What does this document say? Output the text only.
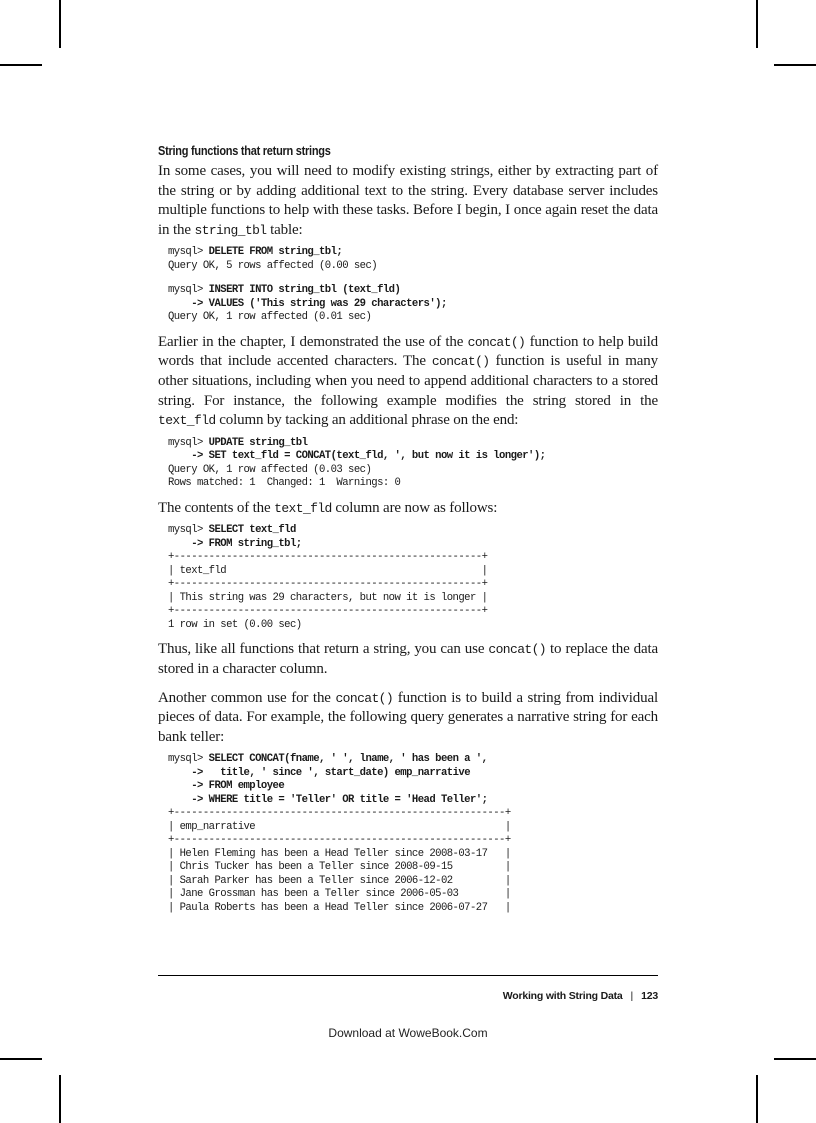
String functions that return strings

In some cases, you will need to modify existing strings, either by extracting part of the string or by adding additional text to the string. Every database server includes multiple functions to help with these tasks. Before I begin, I once again reset the data in the string_tbl table:

mysql> DELETE FROM string_tbl;
Query OK, 5 rows affected (0.00 sec)
mysql> INSERT INTO string_tbl (text_fld)
-> VALUES ('This string was 29 characters');
Query OK, 1 row affected (0.01 sec)

Earlier in the chapter, I demonstrated the use of the concat() function to help build words that include accented characters. The concat() function is useful in many other situations, including when you need to append additional characters to a stored string. For instance, the following example modifies the string stored in the text_fld column by tacking an additional phrase on the end:

mysql> UPDATE string_tbl
-> SET text_fld = CONCAT(text_fld, ', but now it is longer');
Query OK, 1 row affected (0.03 sec)
Rows matched: 1  Changed: 1  Warnings: 0

The contents of the text_fld column are now as follows:

mysql> SELECT text_fld
-> FROM string_tbl;
+-----------------------------------------------------+
| text_fld                                            |
+-----------------------------------------------------+
| This string was 29 characters, but now it is longer |
+-----------------------------------------------------+
1 row in set (0.00 sec)

Thus, like all functions that return a string, you can use concat() to replace the data stored in a character column.

Another common use for the concat() function is to build a string from individual pieces of data. For example, the following query generates a narrative string for each bank teller:

mysql> SELECT CONCAT(fname, ' ', lname, ' has been a ',
->   title, ' since ', start_date) emp_narrative
-> FROM employee
-> WHERE title = 'Teller' OR title = 'Head Teller';
+---------------------------------------------------------+
| emp_narrative                                           |
+---------------------------------------------------------+
| Helen Fleming has been a Head Teller since 2008-03-17   |
| Chris Tucker has been a Teller since 2008-09-15         |
| Sarah Parker has been a Teller since 2006-12-02         |
| Jane Grossman has been a Teller since 2006-05-03        |
| Paula Roberts has been a Head Teller since 2006-07-27   |
Working with String Data | 123
Download at WoweBook.Com
